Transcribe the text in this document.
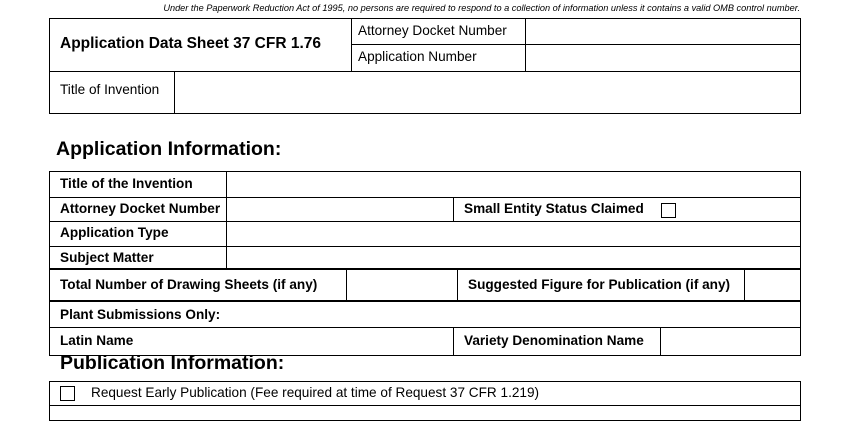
Under the Paperwork Reduction Act of 1995, no persons are required to respond to a collection of information unless it contains a valid OMB control number.
Application Data Sheet 37 CFR 1.76
Attorney Docket Number
Application Number
Title of Invention
Application Information:
Title of the Invention
Attorney Docket Number	Small Entity Status Claimed
Application Type
Subject Matter
Total Number of Drawing Sheets (if any)	Suggested Figure for Publication (if any)
Plant Submissions Only:
Latin Name	Variety Denomination Name
Publication Information:
Request Early Publication (Fee required at time of Request 37 CFR 1.219)
